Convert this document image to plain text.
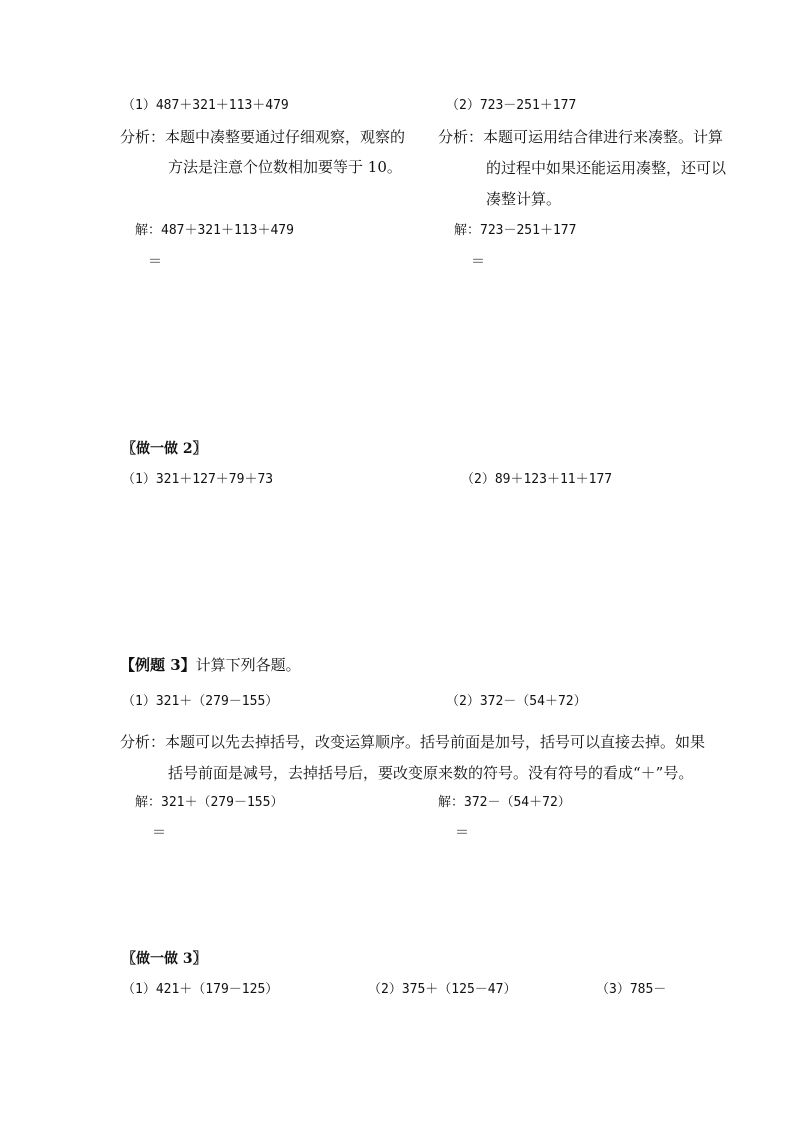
（1）487＋321＋113＋479	（2）723－251＋177
分析：本题中凑整要通过仔细观察，观察的
方法是注意个位数相加要等于 10。
分析：本题可运用结合律进行来凑整。计算
的过程中如果还能运用凑整，还可以
凑整计算。
解：487＋321＋113＋479	解：723－251＋177
＝	＝
〖做一做 2〗
（1）321＋127＋79＋73	（2）89＋123＋11＋177
【例题 3】计算下列各题。
（1）321＋（279－155）	（2）372－（54＋72）
分析：本题可以先去掉括号，改变运算顺序。括号前面是加号，括号可以直接去掉。如果
括号前面是减号，去掉括号后，要改变原来数的符号。没有符号的看成“＋”号。
解：321＋（279－155）	解：372－（54＋72）
＝	＝
〖做一做 3〗
（1）421＋（179－125）	（2）375＋（125－47）	（3）785－
